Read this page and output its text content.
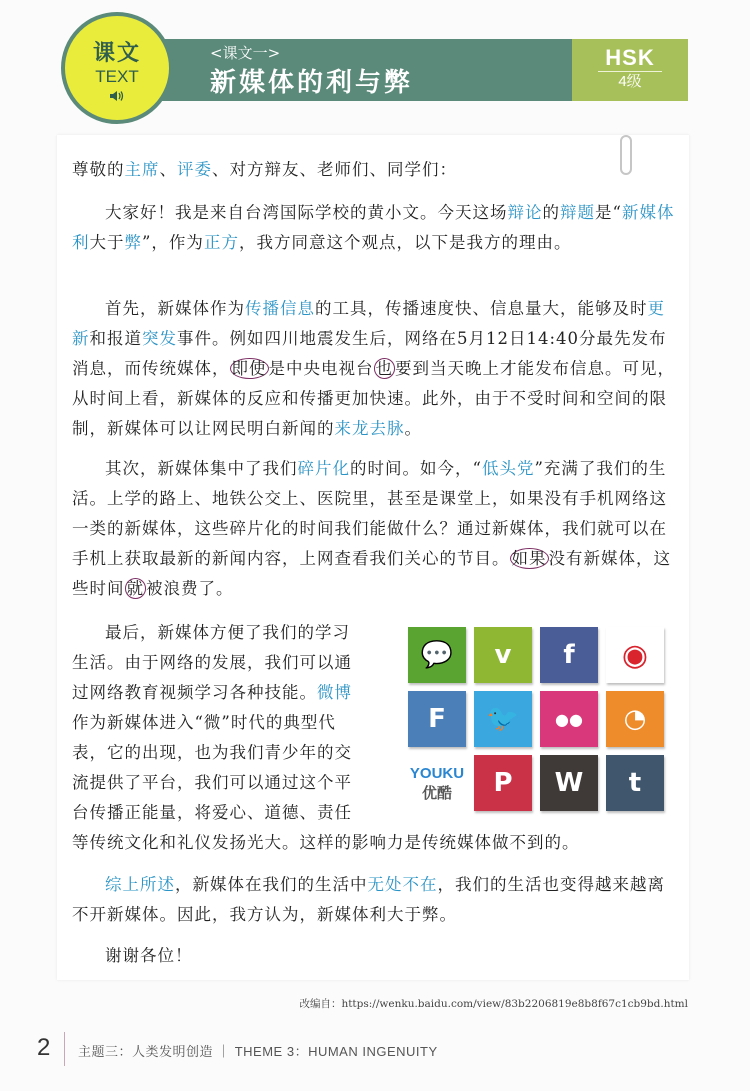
HSK
4级
课文
TEXT
<课文一>
新媒体的利与弊
尊敬的主席、评委、对方辩友、老师们、同学们：

大家好！我是来自台湾国际学校的黄小文。今天这场辩论的辩题是“新媒体利大于弊”，作为正方，我方同意这个观点，以下是我方的理由。

首先，新媒体作为传播信息的工具，传播速度快、信息量大，能够及时更新和报道突发事件。例如四川地震发生后，网络在5月12日14:40分最先发布消息，而传统媒体， 即使 是中央电视台 也 要到当天晚上才能发布信息。可见，从时间上看，新媒体的反应和传播更加快速。此外，由于不受时间和空间的限制，新媒体可以让网民明白新闻的来龙去脉。

其次，新媒体集中了我们碎片化的时间。如今，“低头党”充满了我们的生活。上学的路上、地铁公交上、医院里，甚至是课堂上，如果没有手机网络这一类的新媒体，这些碎片化的时间我们能做什么？通过新媒体，我们就可以在手机上获取最新的新闻内容，上网查看我们关心的节目。 如果 没有新媒体，这些时间 就 被浪费了。

最后，新媒体方便了我们的学习
生活。由于网络的发展，我们可以通
过网络教育视频学习各种技能。微博
作为新媒体进入“微”时代的典型代
表，它的出现，也为我们青少年的交
流提供了平台，我们可以通过这个平
台传播正能量，将爱心、道德、责任
等传统文化和礼仪发扬光大。这样的影响力是传统媒体做不到的。

综上所述，新媒体在我们的生活中无处不在，我们的生活也变得越来越离不开新媒体。因此，我方认为，新媒体利大于弊。

谢谢各位！

💬	v	f	◉
F	🐦	●●	◔
P	W	t
YOUKU
优酷
改编自：https://wenku.baidu.com/view/83b2206819e8b8f67c1cb9bd.html
2 主题三：人类发明创造 ｜ THEME 3：HUMAN INGENUITY
